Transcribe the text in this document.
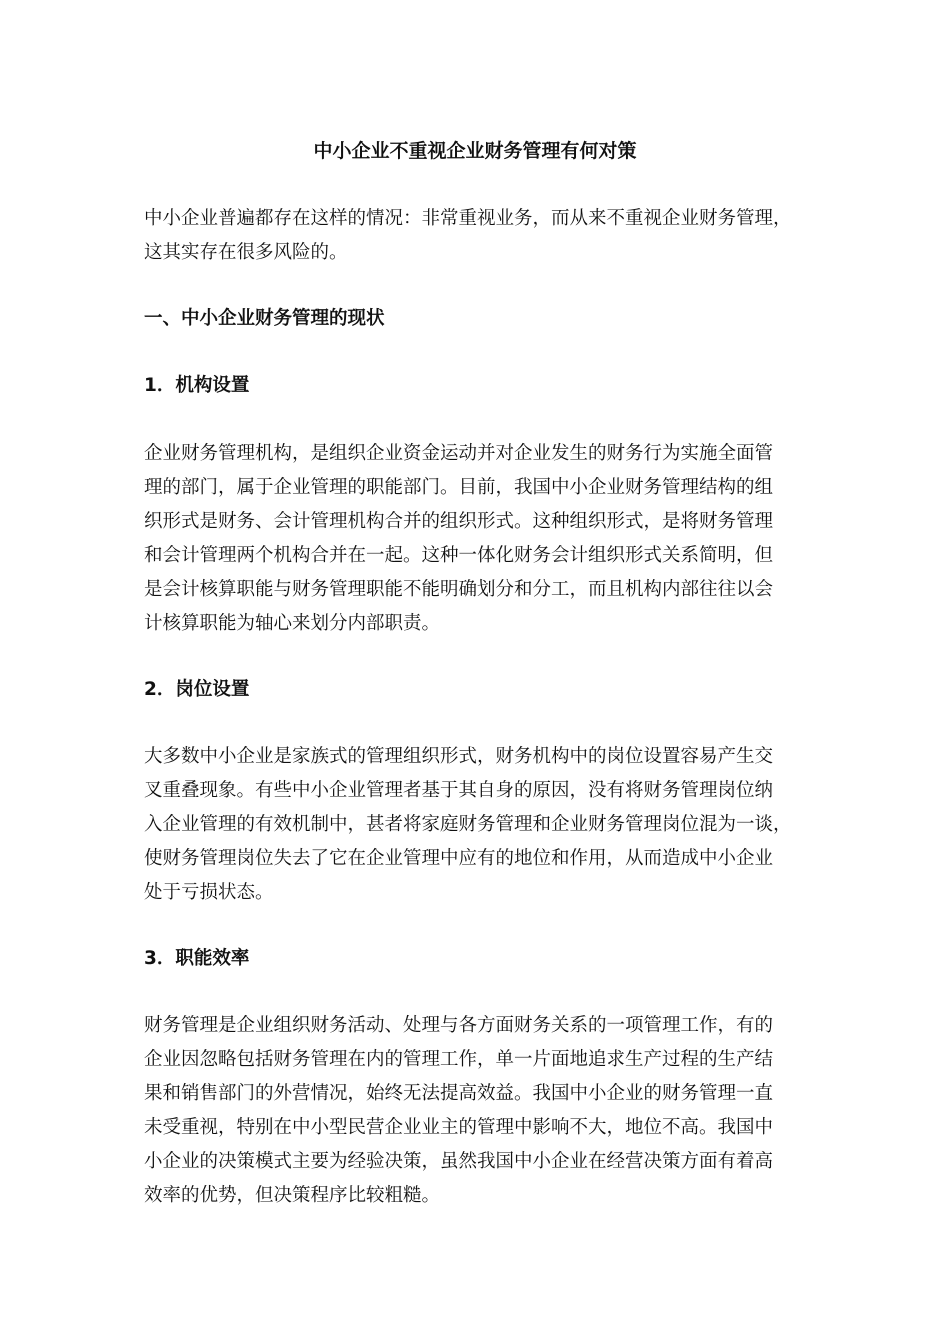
中小企业不重视企业财务管理有何对策

中小企业普遍都存在这样的情况：非常重视业务，而从来不重视企业财务管理，
这其实存在很多风险的。

一、中小企业财务管理的现状
1．机构设置

企业财务管理机构，是组织企业资金运动并对企业发生的财务行为实施全面管
理的部门，属于企业管理的职能部门。目前，我国中小企业财务管理结构的组
织形式是财务、会计管理机构合并的组织形式。这种组织形式，是将财务管理
和会计管理两个机构合并在一起。这种一体化财务会计组织形式关系简明，但
是会计核算职能与财务管理职能不能明确划分和分工，而且机构内部往往以会
计核算职能为轴心来划分内部职责。

2．岗位设置

大多数中小企业是家族式的管理组织形式，财务机构中的岗位设置容易产生交
叉重叠现象。有些中小企业管理者基于其自身的原因，没有将财务管理岗位纳
入企业管理的有效机制中，甚者将家庭财务管理和企业财务管理岗位混为一谈，
使财务管理岗位失去了它在企业管理中应有的地位和作用，从而造成中小企业
处于亏损状态。

3．职能效率

财务管理是企业组织财务活动、处理与各方面财务关系的一项管理工作，有的
企业因忽略包括财务管理在内的管理工作，单一片面地追求生产过程的生产结
果和销售部门的外营情况，始终无法提高效益。我国中小企业的财务管理一直
未受重视，特别在中小型民营企业业主的管理中影响不大，地位不高。我国中
小企业的决策模式主要为经验决策，虽然我国中小企业在经营决策方面有着高
效率的优势，但决策程序比较粗糙。
